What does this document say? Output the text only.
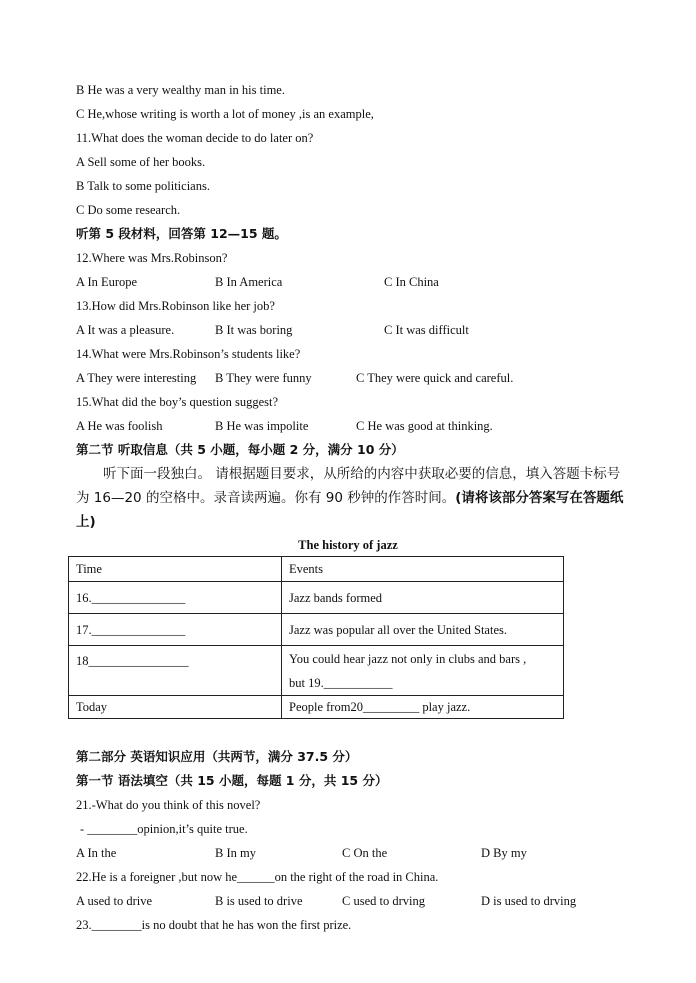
B He was a very wealthy man in his time.
C He,whose writing is worth a lot of money ,is an example,
11.What does the woman decide to do later on?
A Sell some of her books.
B Talk to some politicians.
C Do some research.
听第 5 段材料，回答第 12—15 题。
12.Where was Mrs.Robinson?
A In Europe	B In America	C In China
13.How did Mrs.Robinson like her job?
A It was a pleasure.	B It was boring	C It was difficult
14.What were Mrs.Robinson’s students like?
A They were interesting B They were funny	C They were quick and careful.
15.What did the boy’s question suggest?
A He was foolish	B He was impolite	C He was good at thinking.
第二节 听取信息（共 5 小题，每小题 2 分，满分 10 分）
听下面一段独白。 请根据题目要求，从所给的内容中获取必要的信息，填入答题卡标号为 16—20 的空格中。录音读两遍。你有 90 秒钟的作答时间。(请将该部分答案写在答题纸上)
The history of jazz
Time	Events
16._______________	Jazz bands formed
17._______________	Jazz was popular all over the United States.
18________________	You could hear jazz not only in clubs and bars ,
but 19.___________

Today	People from20_________ play jazz.
第二部分 英语知识应用（共两节，满分 37.5 分）
第一节 语法填空（共 15 小题，每题 1 分，共 15 分）
21.-What do you think of this novel?
- ________opinion,it’s quite true.
A In the	B In my	C On the	D By my
22.He is a foreigner ,but now he______on the right of the road in China.
A used to drive	B is used to drive	C used to drving	D is used to drving
23.________is no doubt that he has won the first prize.
